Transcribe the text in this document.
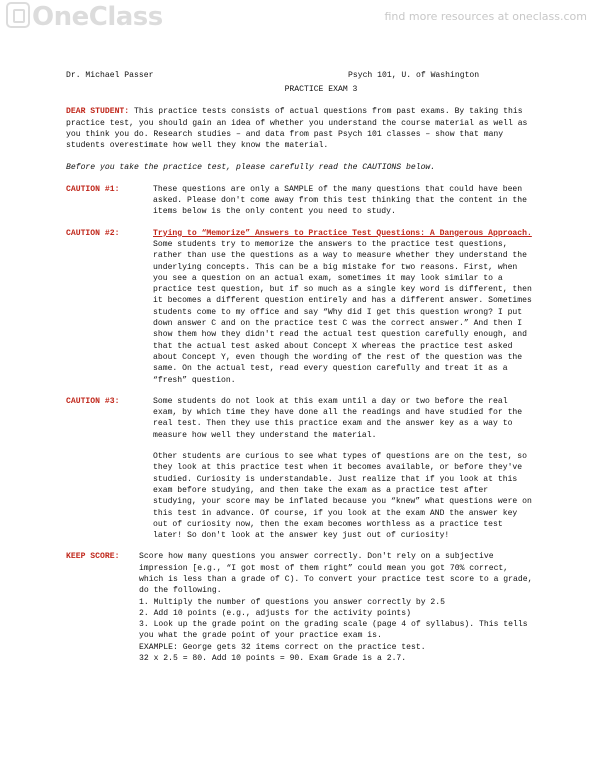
OneClass	find more resources at oneclass.com
Dr. Michael Passer	Psych 101, U. of Washington
PRACTICE EXAM 3

DEAR STUDENT: This practice tests consists of actual questions from past exams. By taking this practice test, you should gain an idea of whether you understand the course material as well as you think you do. Research studies – and data from past Psych 101 classes – show that many students overestimate how well they know the material.

Before you take the practice test, please carefully read the CAUTIONS below.

CAUTION #1:	These questions are only a SAMPLE of the many questions that could have been asked. Please don't come away from this test thinking that the content in the items below is the only content you need to study.
CAUTION #2:	Trying to “Memorize” Answers to Practice Test Questions: A Dangerous Approach. Some students try to memorize the answers to the practice test questions, rather than use the questions as a way to measure whether they understand the underlying concepts. This can be a big mistake for two reasons. First, when you see a question on an actual exam, sometimes it may look similar to a practice test question, but if so much as a single key word is different, then it becomes a different question entirely and has a different answer. Sometimes students come to my office and say “Why did I get this question wrong? I put down answer C and on the practice test C was the correct answer.” And then I show them how they didn't read the actual test question carefully enough, and that the actual test asked about Concept X whereas the practice test asked about Concept Y, even though the wording of the rest of the question was the same. On the actual test, read every question carefully and treat it as a “fresh” question.
CAUTION #3:	Some students do not look at this exam until a day or two before the real exam, by which time they have done all the readings and have studied for the real test. Then they use this practice exam and the answer key as a way to measure how well they understand the material.
Other students are curious to see what types of questions are on the test, so they look at this practice test when it becomes available, or before they've studied. Curiosity is understandable. Just realize that if you look at this exam before studying, and then take the exam as a practice test after studying, your score may be inflated because you “knew” what questions were on this test in advance. Of course, if you look at the exam AND the answer key out of curiosity now, then the exam becomes worthless as a practice test later! So don't look at the answer key just out of curiosity!
KEEP SCORE:	Score how many questions you answer correctly. Don't rely on a subjective impression [e.g., “I got most of them right” could mean you got 70% correct, which is less than a grade of C). To convert your practice test score to a grade, do the following.

1. Multiply the number of questions you answer correctly by 2.5

2. Add 10 points (e.g., adjusts for the activity points)

3. Look up the grade point on the grading scale (page 4 of syllabus). This tells you what the grade point of your practice exam is.

EXAMPLE: George gets 32 items correct on the practice test.

32 x 2.5 = 80. Add 10 points = 90. Exam Grade is a 2.7.
